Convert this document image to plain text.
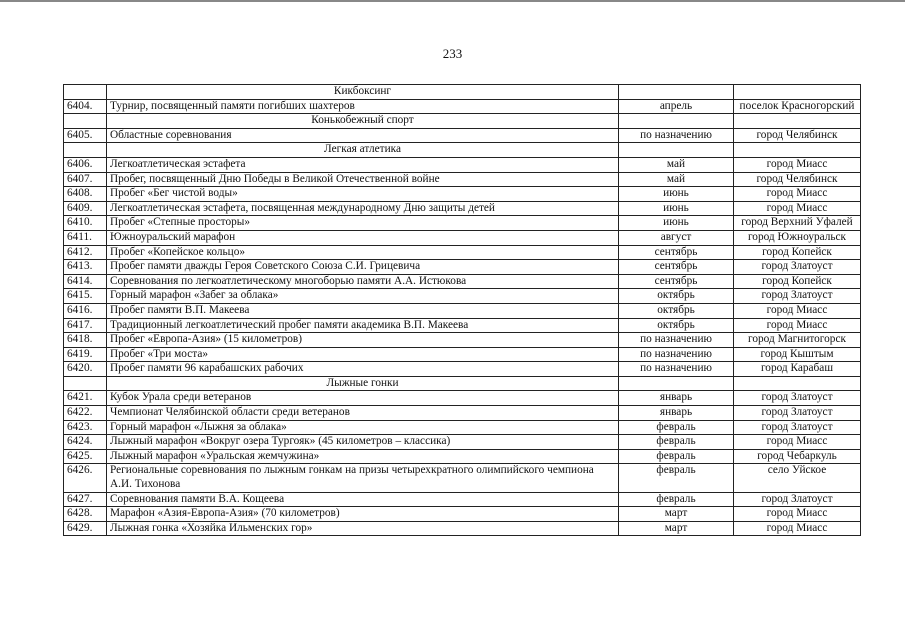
233
	Кикбоксинг		
6404.	Турнир, посвященный памяти погибших шахтеров	апрель	поселок Красногорский
	Конькобежный спорт		
6405.	Областные соревнования	по назначению	город Челябинск
	Легкая атлетика		
6406.	Легкоатлетическая эстафета	май	город Миасс
6407.	Пробег, посвященный Дню Победы в Великой Отечественной войне	май	город Челябинск
6408.	Пробег «Бег чистой воды»	июнь	город Миасс
6409.	Легкоатлетическая эстафета, посвященная международному Дню защиты детей	июнь	город Миасс
6410.	Пробег «Степные просторы»	июнь	город Верхний Уфалей
6411.	Южноуральский марафон	август	город Южноуральск
6412.	Пробег «Копейское кольцо»	сентябрь	город Копейск
6413.	Пробег памяти дважды Героя Советского Союза С.И. Грицевича	сентябрь	город Златоуст
6414.	Соревнования по легкоатлетическому многоборью памяти А.А. Истюкова	сентябрь	город Копейск
6415.	Горный марафон «Забег за облака»	октябрь	город Златоуст
6416.	Пробег памяти В.П. Макеева	октябрь	город Миасс
6417.	Традиционный легкоатлетический пробег памяти академика В.П. Макеева	октябрь	город Миасс
6418.	Пробег «Европа-Азия» (15 километров)	по назначению	город Магнитогорск
6419.	Пробег «Три моста»	по назначению	город Кыштым
6420.	Пробег памяти 96 карабашских рабочих	по назначению	город Карабаш
	Лыжные гонки		
6421.	Кубок Урала среди ветеранов	январь	город Златоуст
6422.	Чемпионат Челябинской области среди ветеранов	январь	город Златоуст
6423.	Горный марафон «Лыжня за облака»	февраль	город Златоуст
6424.	Лыжный марафон «Вокруг озера Тургояк» (45 километров – классика)	февраль	город Миасс
6425.	Лыжный марафон «Уральская жемчужина»	февраль	город Чебаркуль
6426.	Региональные соревнования по лыжным гонкам на призы четырехкратного олимпийского чемпиона А.И. Тихонова	февраль	село Уйское
6427.	Соревнования памяти В.А. Кощеева	февраль	город Златоуст
6428.	Марафон «Азия-Европа-Азия» (70 километров)	март	город Миасс
6429.	Лыжная гонка «Хозяйка Ильменских гор»	март	город Миасс
